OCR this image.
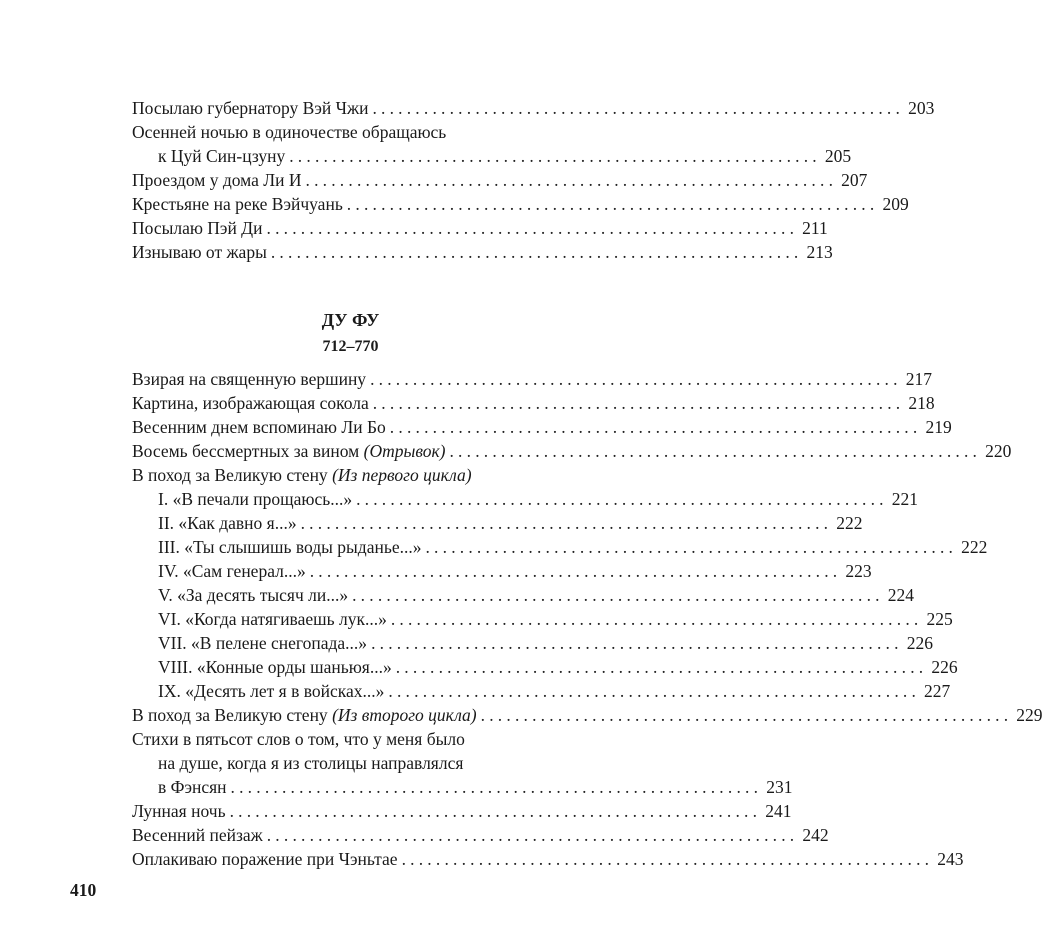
Посылаю губернатору Вэй Чжи .............................................................. 203
Осенней ночью в одиночестве обращаюсь
к Цуй Син-цзуну .............................................................. 205
Проездом у дома Ли И .............................................................. 207
Крестьяне на реке Вэйчуань .............................................................. 209
Посылаю Пэй Ди .............................................................. 211
Изнываю от жары .............................................................. 213
ДУ ФУ
712–770
Взирая на священную вершину .............................................................. 217
Картина, изображающая сокола .............................................................. 218
Весенним днем вспоминаю Ли Бо .............................................................. 219
Восемь бессмертных за вином (Отрывок) .............................................................. 220
В поход за Великую стену (Из первого цикла)
I. «В печали прощаюсь...» .............................................................. 221
II. «Как давно я...» .............................................................. 222
III. «Ты слышишь воды рыданье...» .............................................................. 222
IV. «Сам генерал...» .............................................................. 223
V. «За десять тысяч ли...» .............................................................. 224
VI. «Когда натягиваешь лук...» .............................................................. 225
VII. «В пелене снегопада...» .............................................................. 226
VIII. «Конные орды шаньюя...» .............................................................. 226
IX. «Десять лет я в войсках...» .............................................................. 227
В поход за Великую стену (Из второго цикла) .............................................................. 229
Стихи в пятьсот слов о том, что у меня было
на душе, когда я из столицы направлялся
в Фэнсян .............................................................. 231
Лунная ночь .............................................................. 241
Весенний пейзаж .............................................................. 242
Оплакиваю поражение при Чэньтае .............................................................. 243
410
